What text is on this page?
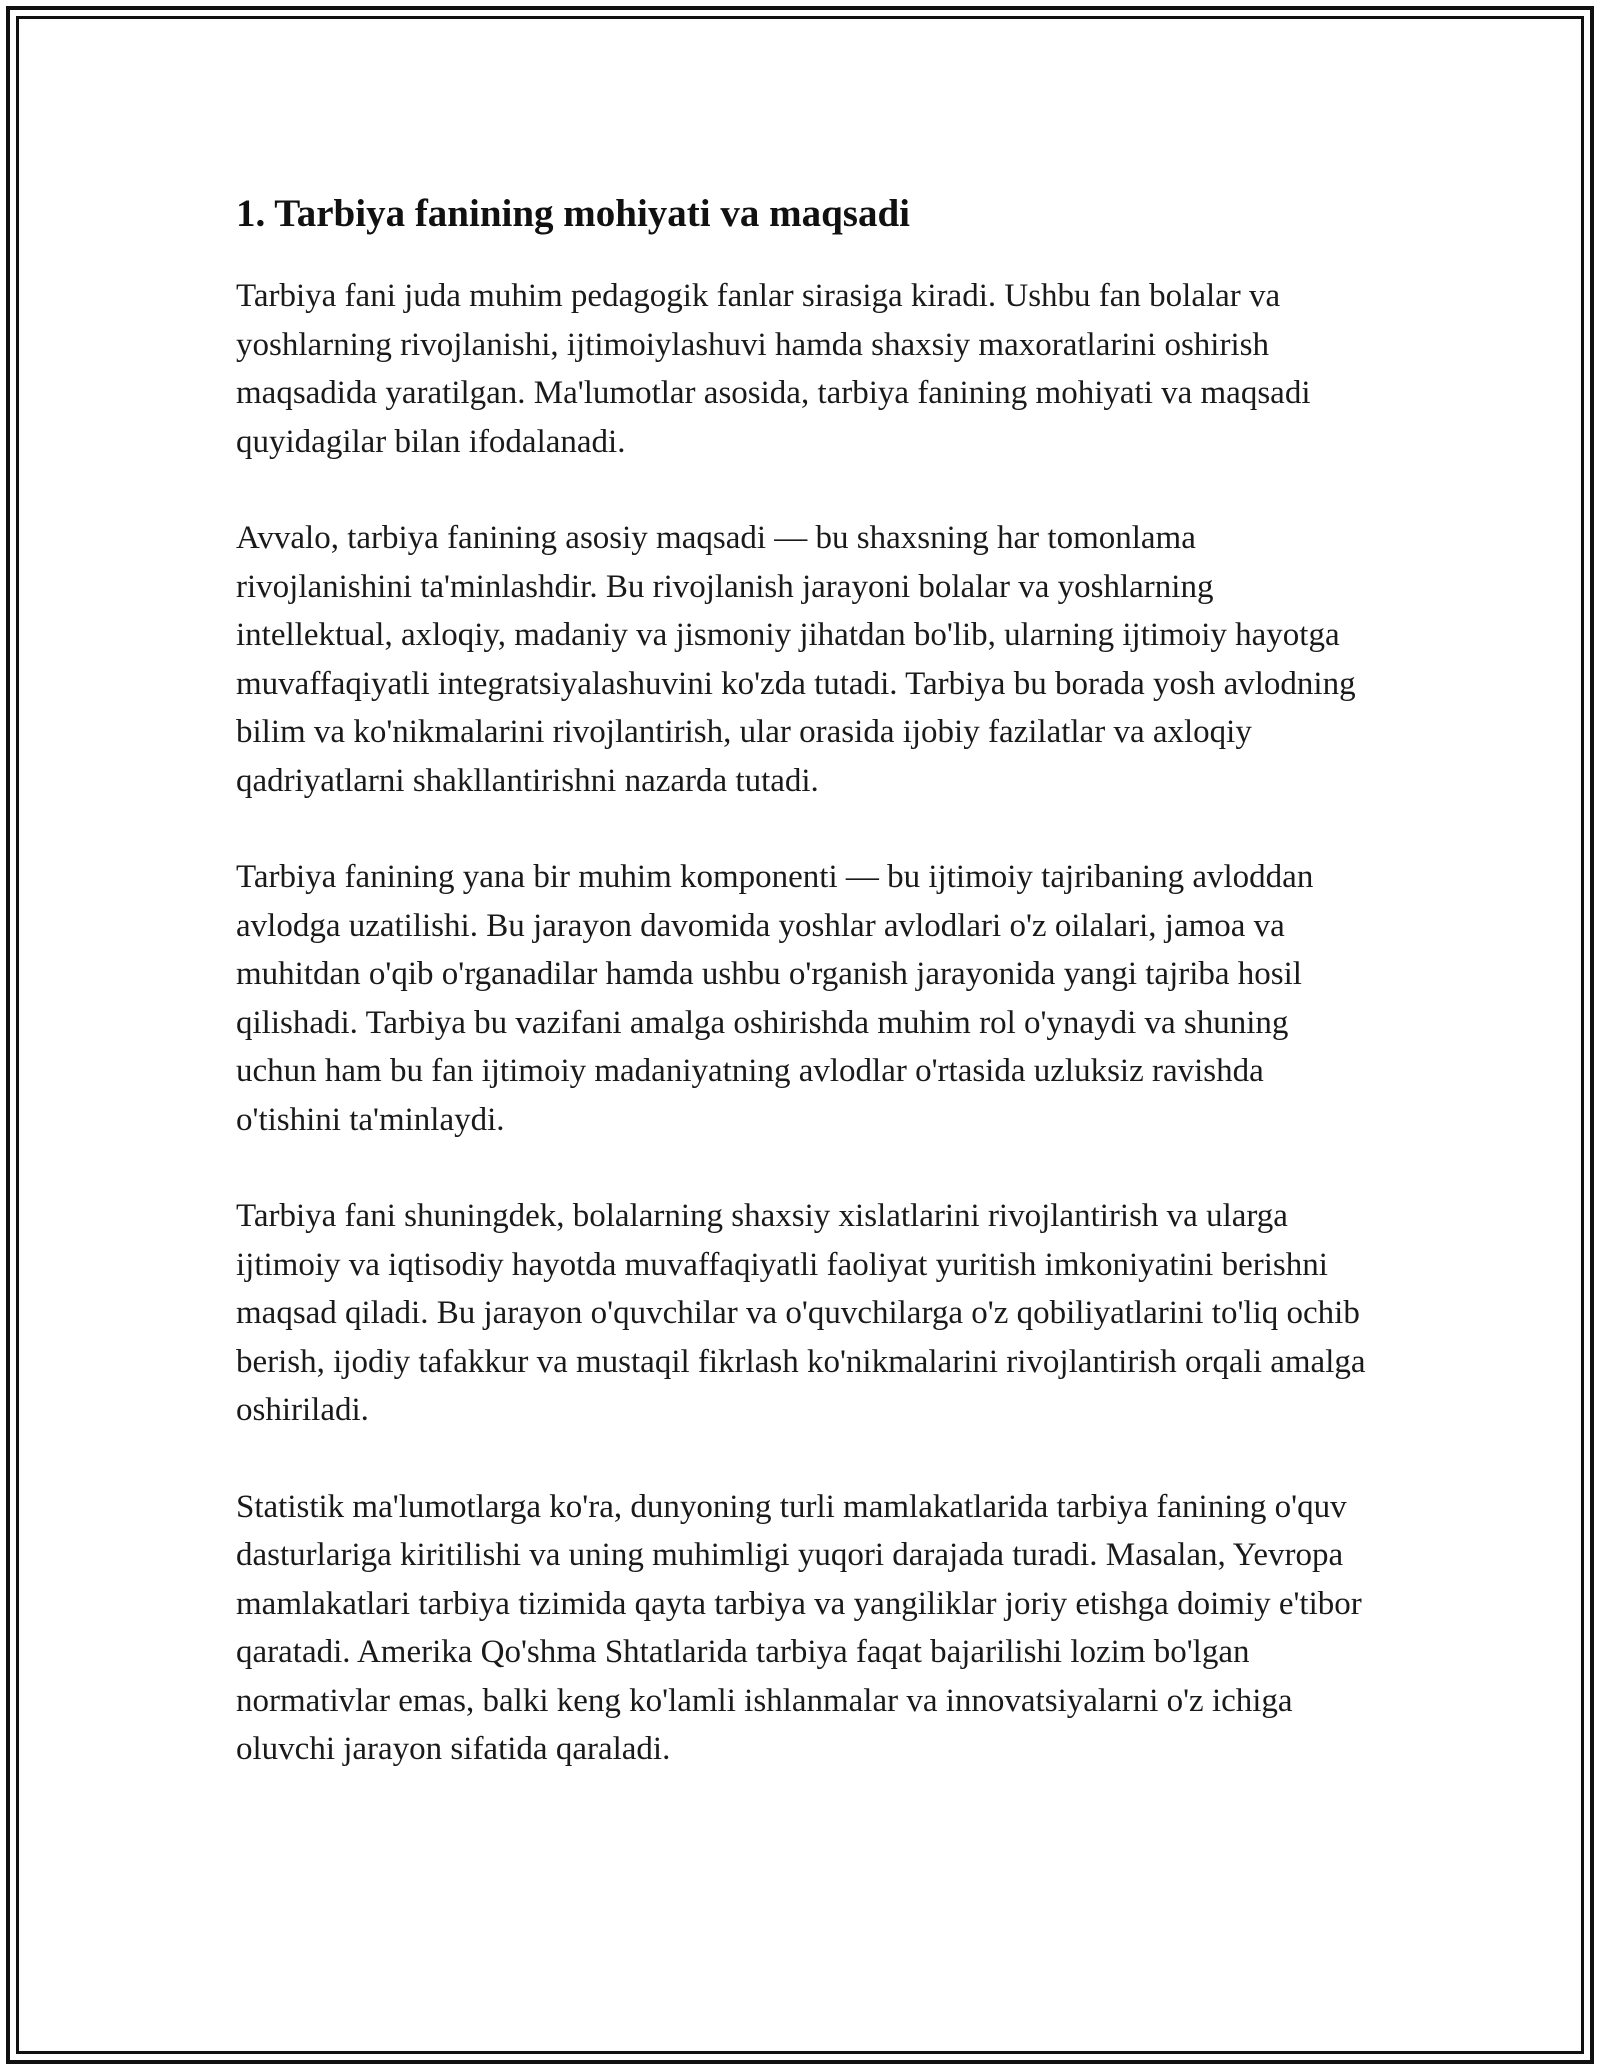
1. Tarbiya fanining mohiyati va maqsadi

Tarbiya fani juda muhim pedagogik fanlar sirasiga kiradi. Ushbu fan bolalar va yoshlarning rivojlanishi, ijtimoiylashuvi hamda shaxsiy maxoratlarini oshirish maqsadida yaratilgan. Ma'lumotlar asosida, tarbiya fanining mohiyati va maqsadi quyidagilar bilan ifodalanadi.

Avvalo, tarbiya fanining asosiy maqsadi — bu shaxsning har tomonlama rivojlanishini ta'minlashdir. Bu rivojlanish jarayoni bolalar va yoshlarning intellektual, axloqiy, madaniy va jismoniy jihatdan bo'lib, ularning ijtimoiy hayotga muvaffaqiyatli integratsiyalashuvini ko'zda tutadi. Tarbiya bu borada yosh avlodning bilim va ko'nikmalarini rivojlantirish, ular orasida ijobiy fazilatlar va axloqiy qadriyatlarni shakllantirishni nazarda tutadi.

Tarbiya fanining yana bir muhim komponenti — bu ijtimoiy tajribaning avloddan avlodga uzatilishi. Bu jarayon davomida yoshlar avlodlari o'z oilalari, jamoa va muhitdan o'qib o'rganadilar hamda ushbu o'rganish jarayonida yangi tajriba hosil qilishadi. Tarbiya bu vazifani amalga oshirishda muhim rol o'ynaydi va shuning uchun ham bu fan ijtimoiy madaniyatning avlodlar o'rtasida uzluksiz ravishda o'tishini ta'minlaydi.

Tarbiya fani shuningdek, bolalarning shaxsiy xislatlarini rivojlantirish va ularga ijtimoiy va iqtisodiy hayotda muvaffaqiyatli faoliyat yuritish imkoniyatini berishni maqsad qiladi. Bu jarayon o'quvchilar va o'quvchilarga o'z qobiliyatlarini to'liq ochib berish, ijodiy tafakkur va mustaqil fikrlash ko'nikmalarini rivojlantirish orqali amalga oshiriladi.

Statistik ma'lumotlarga ko'ra, dunyoning turli mamlakatlarida tarbiya fanining o'quv dasturlariga kiritilishi va uning muhimligi yuqori darajada turadi. Masalan, Yevropa mamlakatlari tarbiya tizimida qayta tarbiya va yangiliklar joriy etishga doimiy e'tibor qaratadi. Amerika Qo'shma Shtatlarida tarbiya faqat bajarilishi lozim bo'lgan normativlar emas, balki keng ko'lamli ishlanmalar va innovatsiyalarni o'z ichiga oluvchi jarayon sifatida qaraladi.
